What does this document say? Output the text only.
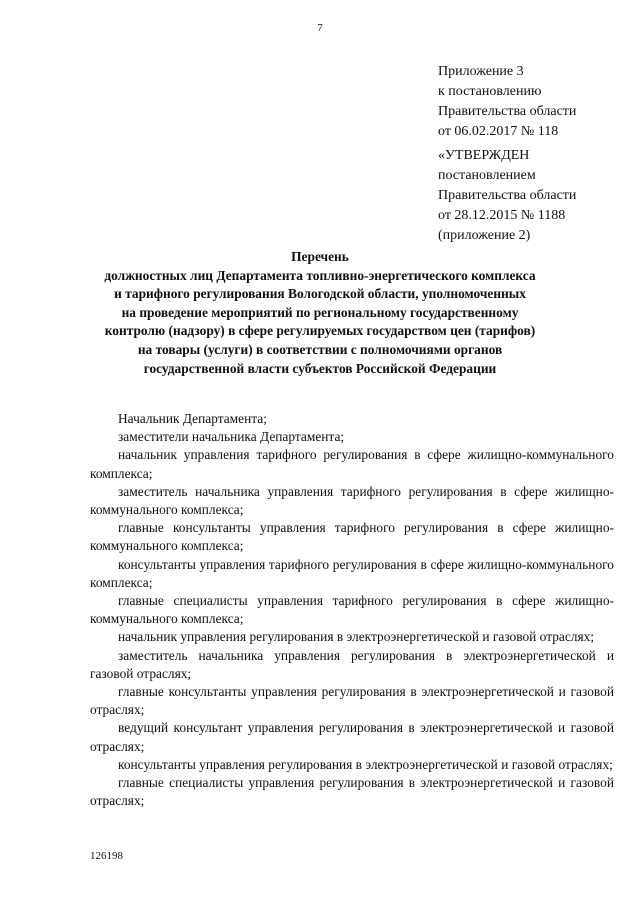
7
Приложение 3
к постановлению
Правительства области
от 06.02.2017 № 118
«УТВЕРЖДЕН
постановлением
Правительства области
от 28.12.2015 № 1188
(приложение 2)
Перечень
должностных лиц Департамента топливно-энергетического комплекса
и тарифного регулирования Вологодской области, уполномоченных
на проведение мероприятий по региональному государственному
контролю (надзору) в сфере регулируемых государством цен (тарифов)
на товары (услуги) в соответствии с полномочиями органов
государственной власти субъектов Российской Федерации
Начальник Департамента;
заместители начальника Департамента;
начальник управления тарифного регулирования в сфере жилищно-коммунального комплекса;
заместитель начальника управления тарифного регулирования в сфере жилищно-коммунального комплекса;
главные консультанты управления тарифного регулирования в сфере жилищно-коммунального комплекса;
консультанты управления тарифного регулирования в сфере жилищно-коммунального комплекса;
главные специалисты управления тарифного регулирования в сфере жилищно-коммунального комплекса;
начальник управления регулирования в электроэнергетической и газовой отраслях;
заместитель начальника управления регулирования в электроэнергетической и газовой отраслях;
главные консультанты управления регулирования в электроэнергетической и газовой отраслях;
ведущий консультант управления регулирования в электроэнергетической и газовой отраслях;
консультанты управления регулирования в электроэнергетической и газовой отраслях;
главные специалисты управления регулирования в электроэнергетической и газовой отраслях;
126198
